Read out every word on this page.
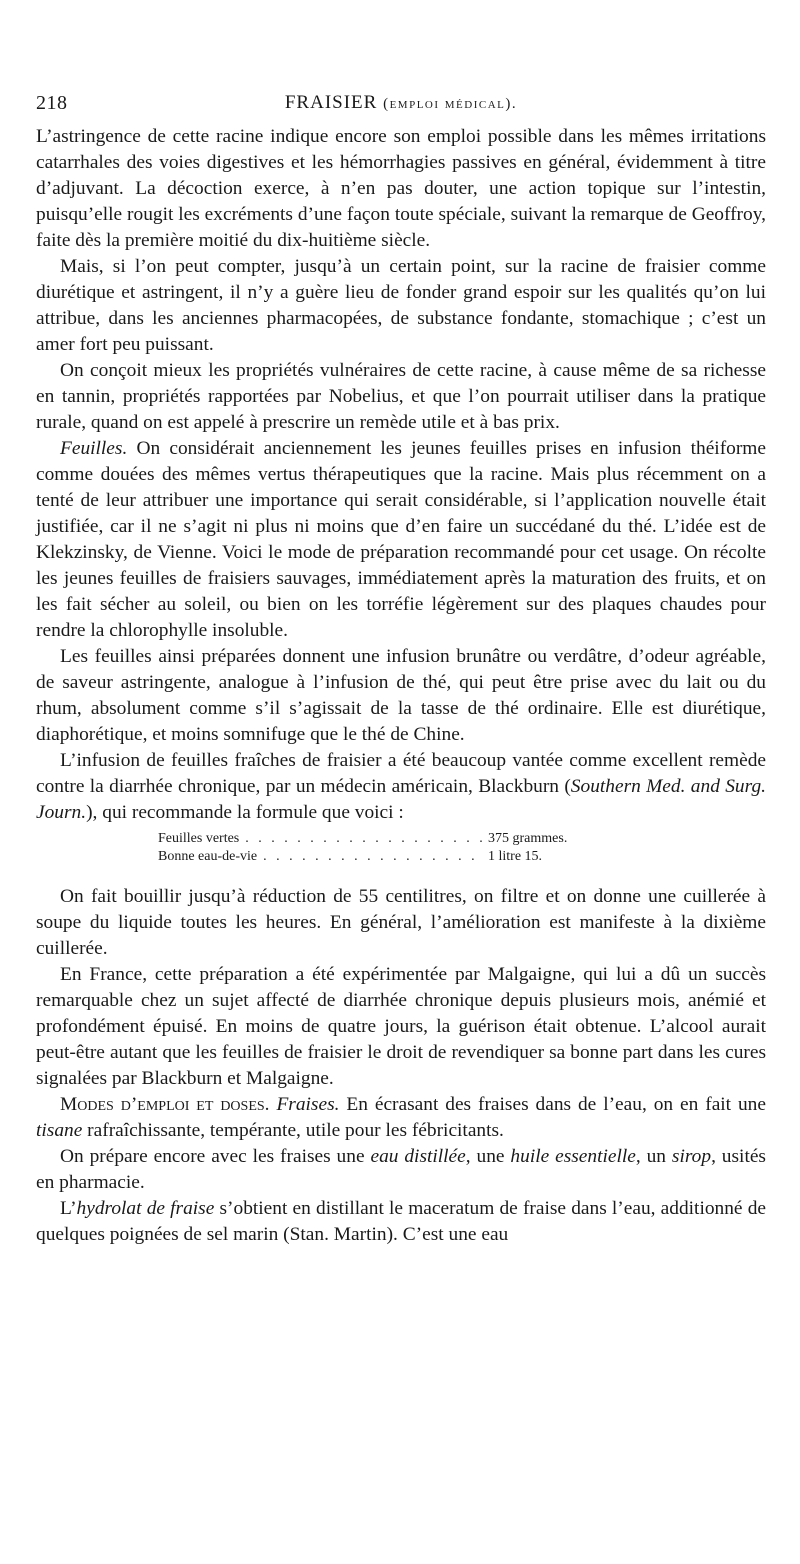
218	FRAISIER (emploi médical).

L’astringence de cette racine indique encore son emploi possible dans les mêmes irritations catarrhales des voies digestives et les hémorrhagies passives en général, évidemment à titre d’adjuvant. La décoction exerce, à n’en pas douter, une action topique sur l’intestin, puisqu’elle rougit les excréments d’une façon toute spéciale, suivant la remarque de Geoffroy, faite dès la première moitié du dix-huitième siècle.

Mais, si l’on peut compter, jusqu’à un certain point, sur la racine de fraisier comme diurétique et astringent, il n’y a guère lieu de fonder grand espoir sur les qualités qu’on lui attribue, dans les anciennes pharmacopées, de substance fondante, stomachique ; c’est un amer fort peu puissant.

On conçoit mieux les propriétés vulnéraires de cette racine, à cause même de sa richesse en tannin, propriétés rapportées par Nobelius, et que l’on pourrait utiliser dans la pratique rurale, quand on est appelé à prescrire un remède utile et à bas prix.

Feuilles. On considérait anciennement les jeunes feuilles prises en infusion théiforme comme douées des mêmes vertus thérapeutiques que la racine. Mais plus récemment on a tenté de leur attribuer une importance qui serait considérable, si l’application nouvelle était justifiée, car il ne s’agit ni plus ni moins que d’en faire un succédané du thé. L’idée est de Klekzinsky, de Vienne. Voici le mode de préparation recommandé pour cet usage. On récolte les jeunes feuilles de fraisiers sauvages, immédiatement après la maturation des fruits, et on les fait sécher au soleil, ou bien on les torréfie légèrement sur des plaques chaudes pour rendre la chlorophylle insoluble.

Les feuilles ainsi préparées donnent une infusion brunâtre ou verdâtre, d’odeur agréable, de saveur astringente, analogue à l’infusion de thé, qui peut être prise avec du lait ou du rhum, absolument comme s’il s’agissait de la tasse de thé ordinaire. Elle est diurétique, diaphorétique, et moins somnifuge que le thé de Chine.

L’infusion de feuilles fraîches de fraisier a été beaucoup vantée comme excellent remède contre la diarrhée chronique, par un médecin américain, Blackburn (Southern Med. and Surg. Journ.), qui recommande la formule que voici :

Feuilles vertes . . .	375 grammes.
Bonne eau-de-vie . . .	1 litre 15.

On fait bouillir jusqu’à réduction de 55 centilitres, on filtre et on donne une cuillerée à soupe du liquide toutes les heures. En général, l’amélioration est manifeste à la dixième cuillerée.

En France, cette préparation a été expérimentée par Malgaigne, qui lui a dû un succès remarquable chez un sujet affecté de diarrhée chronique depuis plusieurs mois, anémié et profondément épuisé. En moins de quatre jours, la guérison était obtenue. L’alcool aurait peut-être autant que les feuilles de fraisier le droit de revendiquer sa bonne part dans les cures signalées par Blackburn et Malgaigne.

Modes d’emploi et doses. Fraises. En écrasant des fraises dans de l’eau, on en fait une tisane rafraîchissante, tempérante, utile pour les fébricitants.

On prépare encore avec les fraises une eau distillée, une huile essentielle, un sirop, usités en pharmacie.

L’hydrolat de fraise s’obtient en distillant le maceratum de fraise dans l’eau, additionné de quelques poignées de sel marin (Stan. Martin). C’est une eau
